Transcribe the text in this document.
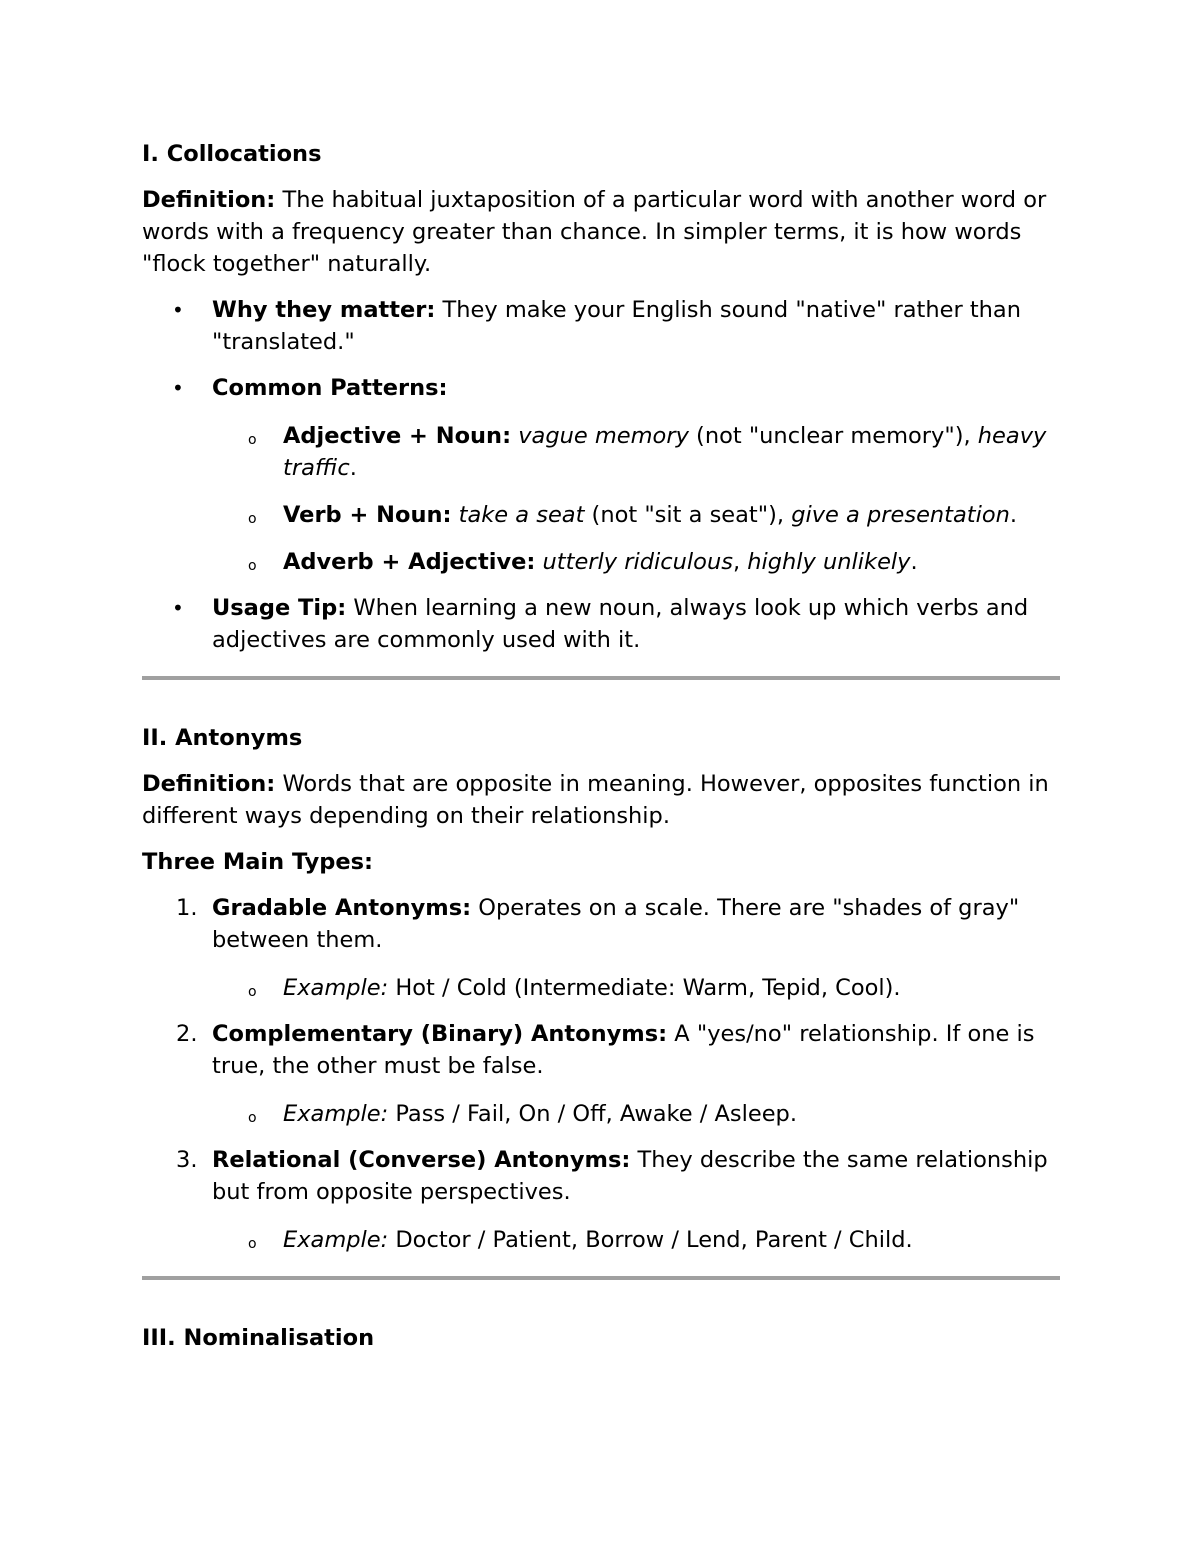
I. Collocations

Definition: The habitual juxtaposition of a particular word with another word or words with a frequency greater than chance. In simpler terms, it is how words "flock together" naturally.

• Why they matter: They make your English sound "native" rather than "translated."
• Common Patterns:
o Adjective + Noun: vague memory (not "unclear memory"), heavy traffic.
o Verb + Noun: take a seat (not "sit a seat"), give a presentation.
o Adverb + Adjective: utterly ridiculous, highly unlikely.
• Usage Tip: When learning a new noun, always look up which verbs and adjectives are commonly used with it.

II. Antonyms

Definition: Words that are opposite in meaning. However, opposites function in different ways depending on their relationship.

Three Main Types:

1. Gradable Antonyms: Operates on a scale. There are "shades of gray" between them.
o Example: Hot / Cold (Intermediate: Warm, Tepid, Cool).
2. Complementary (Binary) Antonyms: A "yes/no" relationship. If one is true, the other must be false.
o Example: Pass / Fail, On / Off, Awake / Asleep.
3. Relational (Converse) Antonyms: They describe the same relationship but from opposite perspectives.
o Example: Doctor / Patient, Borrow / Lend, Parent / Child.

III. Nominalisation
